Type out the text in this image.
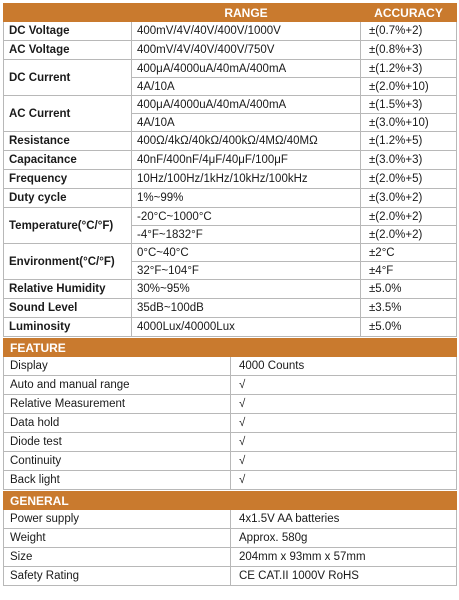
	RANGE	ACCURACY
DC Voltage	400mV/4V/40V/400V/1000V	±(0.7%+2)
AC Voltage	400mV/4V/40V/400V/750V	±(0.8%+3)
DC Current	400μA/4000uA/40mA/400mA	±(1.2%+3)
	4A/10A	±(2.0%+10)
AC Current	400μA/4000uA/40mA/400mA	±(1.5%+3)
	4A/10A	±(3.0%+10)
Resistance	400Ω/4kΩ/40kΩ/400kΩ/4MΩ/40MΩ	±(1.2%+5)
Capacitance	40nF/400nF/4μF/40μF/100μF	±(3.0%+3)
Frequency	10Hz/100Hz/1kHz/10kHz/100kHz	±(2.0%+5)
Duty cycle	1%~99%	±(3.0%+2)
Temperature(°C/°F)	-20°C~1000°C	±(2.0%+2)
	-4°F~1832°F	±(2.0%+2)
Environment(°C/°F)	0°C~40°C	±2°C
	32°F~104°F	±4°F
Relative Humidity	30%~95%	±5.0%
Sound Level	35dB~100dB	±3.5%
Luminosity	4000Lux/40000Lux	±5.0%
FEATURE	
Display	4000 Counts
Auto and manual range	√
Relative Measurement	√
Data hold	√
Diode test	√
Continuity	√
Back light	√
GENERAL	
Power supply	4x1.5V AA batteries
Weight	Approx. 580g
Size	204mm x 93mm x 57mm
Safety Rating	CE CAT.II 1000V RoHS
